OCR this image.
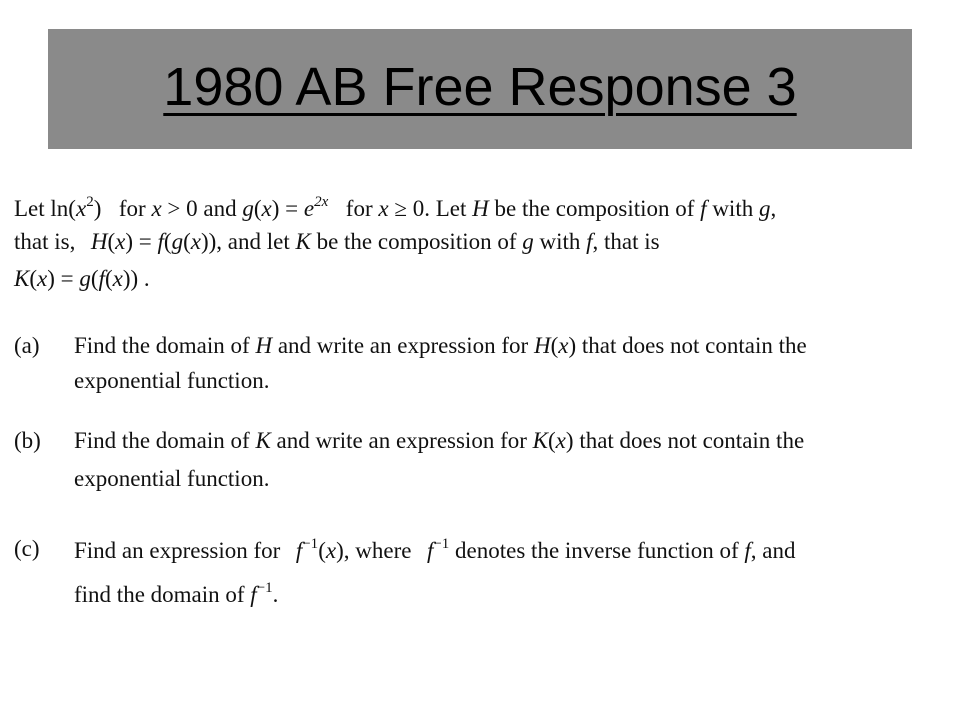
1980 AB Free Response 3
Let $\ln(x^2)$ for x > 0 and $g(x) = e^{2x}$ for x ≥ 0. Let H be the composition of f with g,
that is, H(x) = f(g(x)), and let K be the composition of g with f, that is
K(x) = g(f(x)) .
(a) Find the domain of H and write an expression for H(x) that does not contain the
exponential function.
(b) Find the domain of K and write an expression for K(x) that does not contain the
exponential function.
(c) Find an expression for $f^{-1}(x)$, where $f^{-1}$ denotes the inverse function of f, and
find the domain of $f^{-1}$.
